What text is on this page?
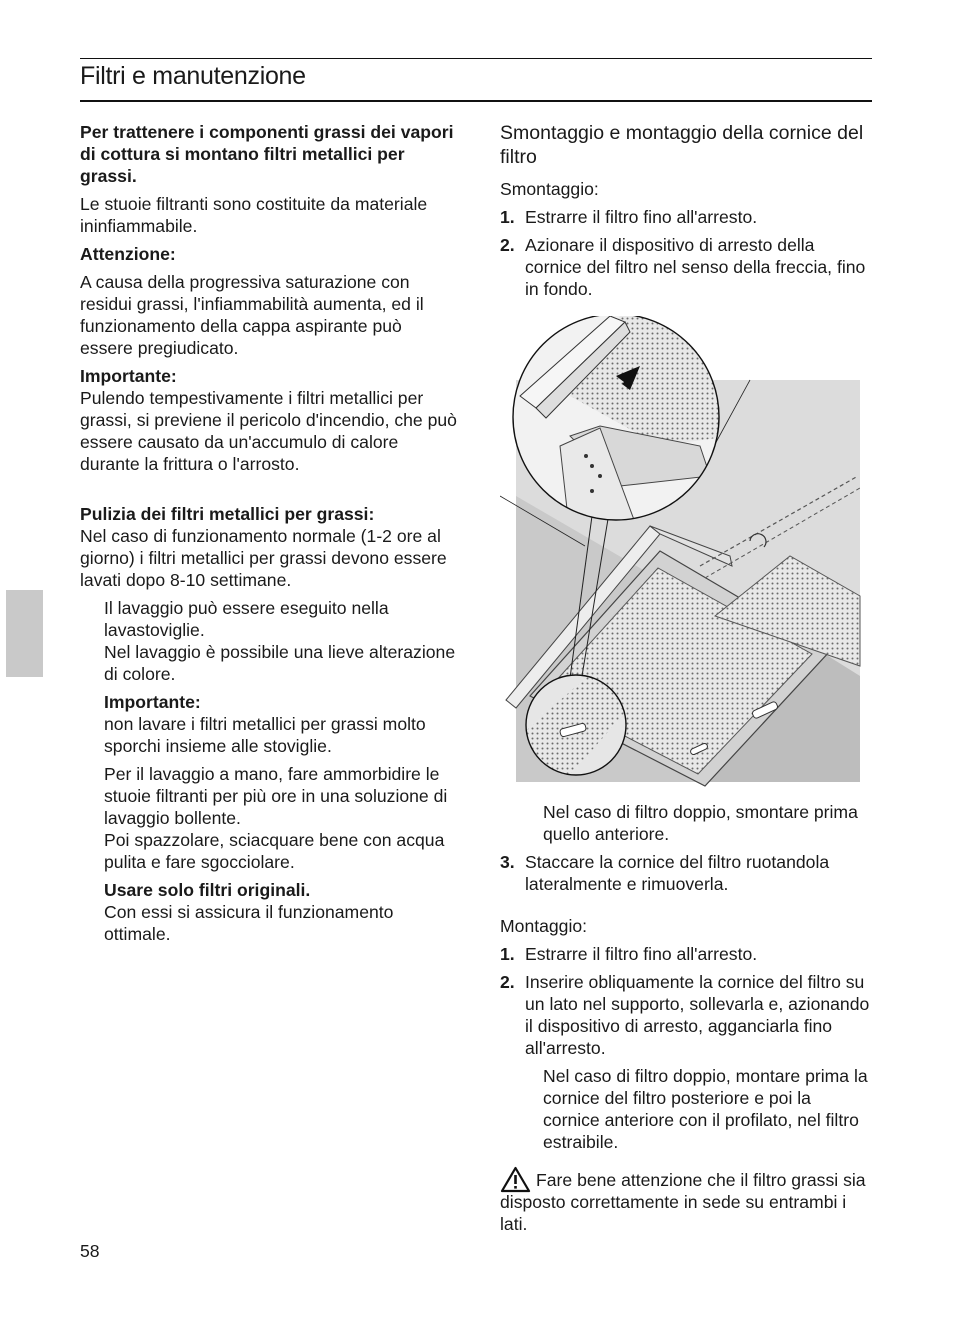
Filtri e manutenzione

Per trattenere i componenti grassi dei vapori di cottura si montano filtri metallici per grassi.

Le stuoie filtranti sono costituite da materiale ininfiammabile.

Attenzione:

A causa della progressiva saturazione con residui grassi, l'infiammabilità aumenta, ed il funzionamento della cappa aspirante può essere pregiudicato.

Importante:

Pulendo tempestivamente i filtri metallici per grassi, si previene il pericolo d'incendio, che può essere causato da un'accumulo di calore durante la frittura o l'arrosto.

Pulizia dei filtri metallici per grassi:

Nel caso di funzionamento normale (1-2 ore al giorno) i filtri metallici per grassi devono essere lavati dopo 8-10 settimane.

Il lavaggio può essere eseguito nella lavastoviglie.

Nel lavaggio è possibile una lieve alterazione di colore.

Importante:

non lavare i filtri metallici per grassi molto sporchi insieme alle stoviglie.

Per il lavaggio a mano, fare ammorbidire le stuoie filtranti per più ore in una soluzione di lavaggio bollente.

Poi spazzolare, sciacquare bene con acqua pulita e fare sgocciolare.

Usare solo filtri originali.

Con essi si assicura il funzionamento ottimale.

Smontaggio e montaggio della cornice del filtro

Smontaggio:

1. Estrarre il filtro fino all'arresto.
2. Azionare il dispositivo di arresto della cornice del filtro nel senso della freccia, fino in fondo.

Nel caso di filtro doppio, smontare prima quello anteriore.

3. Staccare la cornice del filtro ruotandola lateralmente e rimuoverla.

Montaggio:

1. Estrarre il filtro fino all'arresto.
2. Inserire obliquamente la cornice del filtro su un lato nel supporto, sollevarla e, azionando il dispositivo di arresto, agganciarla fino all'arresto.

Nel caso di filtro doppio, montare prima la cornice del filtro posteriore e poi la cornice anteriore con il profilato, nel filtro estraibile.

Fare bene attenzione che il filtro grassi sia disposto correttamente in sede su entrambi i lati.

58
